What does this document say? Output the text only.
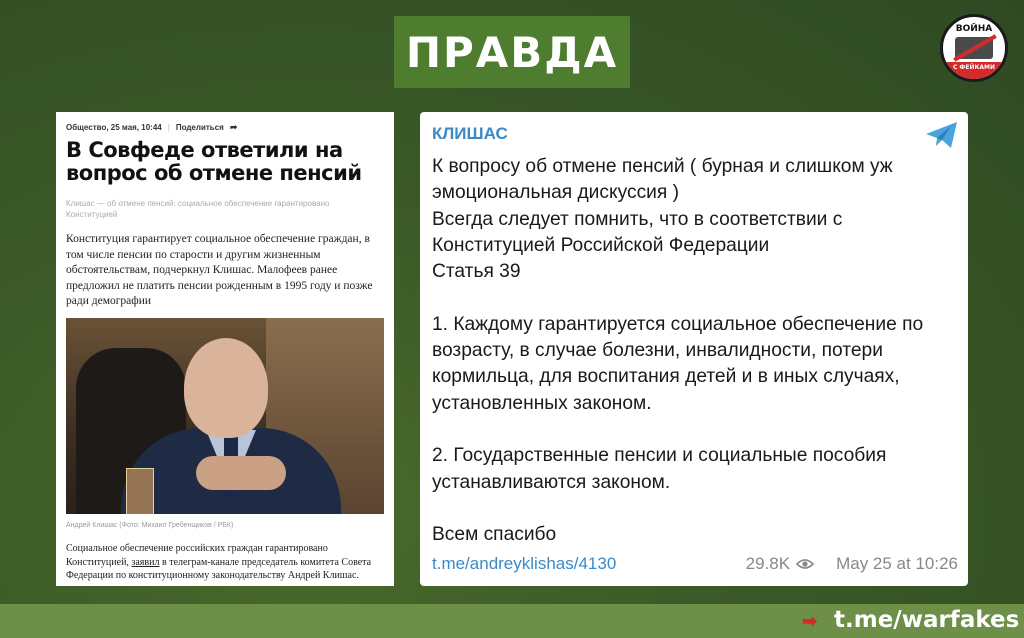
ПРАВДА	ВОЙНА
С ФЕЙКАМИ
Общество, 25 мая, 10:44 | Поделиться ➦
В Совфеде ответили на вопрос об отмене пенсий
Клишас — об отмене пенсий: социальное обеспечение гарантировано Конституцией
Конституция гарантирует социальное обеспечение граждан, в том числе пенсии по старости и другим жизненным обстоятельствам, подчеркнул Клишас. Малофеев ранее предложил не платить пенсии рожденным в 1995 году и позже ради демографии
Андрей Клишас (Фото: Михаил Гребенщиков / РБК)
Социальное обеспечение российских граждан гарантировано Конституцией, заявил в телеграм-канале председатель комитета Совета Федерации по конституционному законодательству Андрей Клишас.
КЛИШАС
К вопросу об отмене пенсий ( бурная и слишком уж эмоциональная дискуссия )
Всегда следует помнить, что в соответствии с Конституцией Российской Федерации
Статья 39

1. Каждому гарантируется социальное обеспечение по возрасту, в случае болезни, инвалидности, потери кормильца, для воспитания детей и в иных случаях, установленных законом.

2. Государственные пенсии и социальные пособия устанавливаются законом.

Всем спасибо
t.me/andreyklishas/4130	29.8K	May 25 at 10:26
➡ t.me/warfakes
